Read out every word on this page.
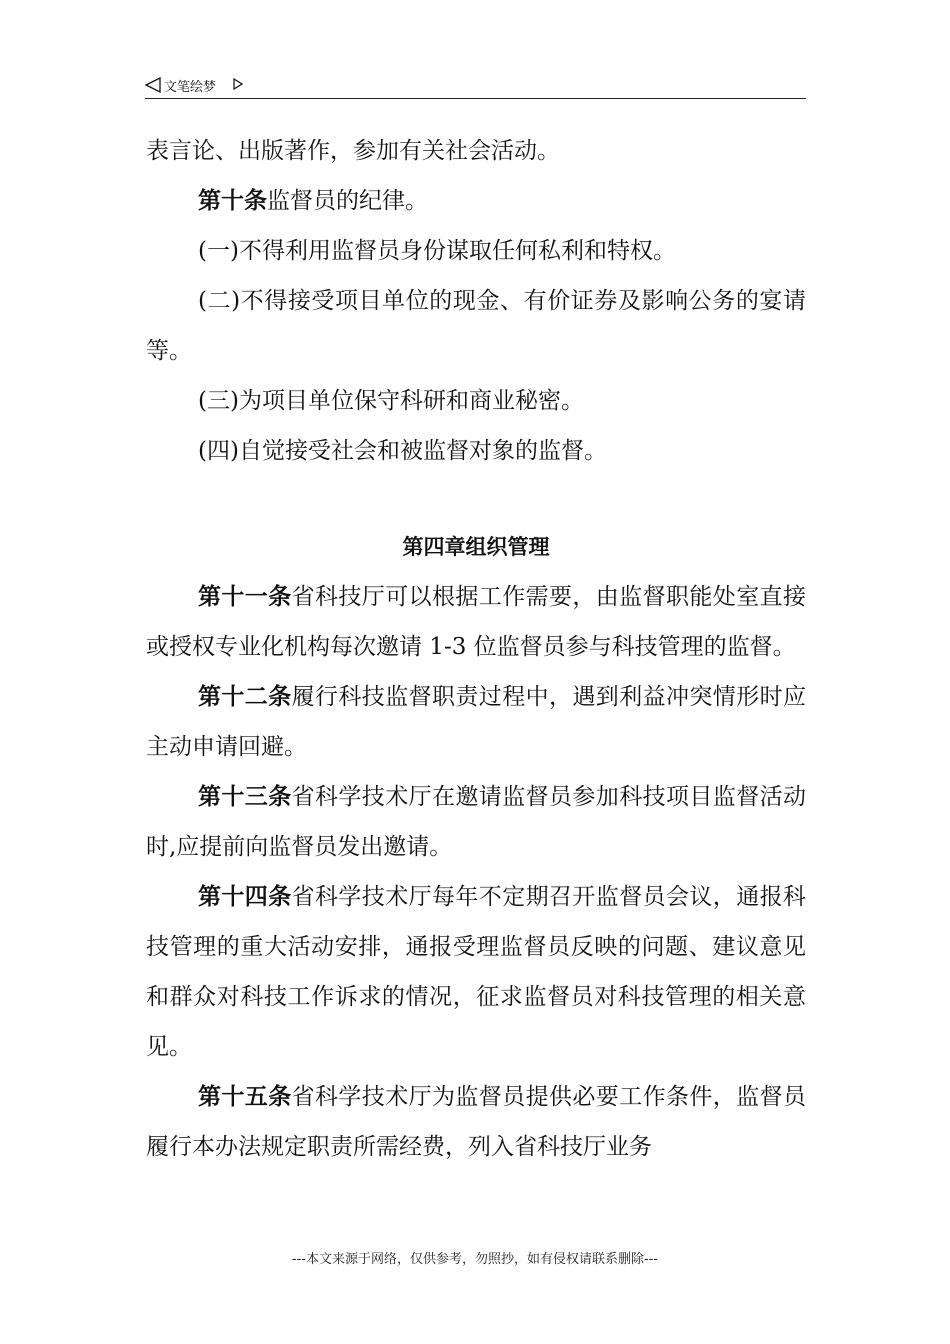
文笔绘梦

表言论、出版著作，参加有关社会活动。

第十条监督员的纪律。

(一)不得利用监督员身份谋取任何私利和特权。

(二)不得接受项目单位的现金、有价证券及影响公务的宴请等。

(三)为项目单位保守科研和商业秘密。

(四)自觉接受社会和被监督对象的监督。

第四章组织管理

第十一条省科技厅可以根据工作需要，由监督职能处室直接或授权专业化机构每次邀请 1-3 位监督员参与科技管理的监督。

第十二条履行科技监督职责过程中，遇到利益冲突情形时应主动申请回避。

第十三条省科学技术厅在邀请监督员参加科技项目监督活动时,应提前向监督员发出邀请。

第十四条省科学技术厅每年不定期召开监督员会议，通报科技管理的重大活动安排，通报受理监督员反映的问题、建议意见和群众对科技工作诉求的情况，征求监督员对科技管理的相关意见。

第十五条省科学技术厅为监督员提供必要工作条件，监督员履行本办法规定职责所需经费，列入省科技厅业务

---本文来源于网络，仅供参考，勿照抄，如有侵权请联系删除---
